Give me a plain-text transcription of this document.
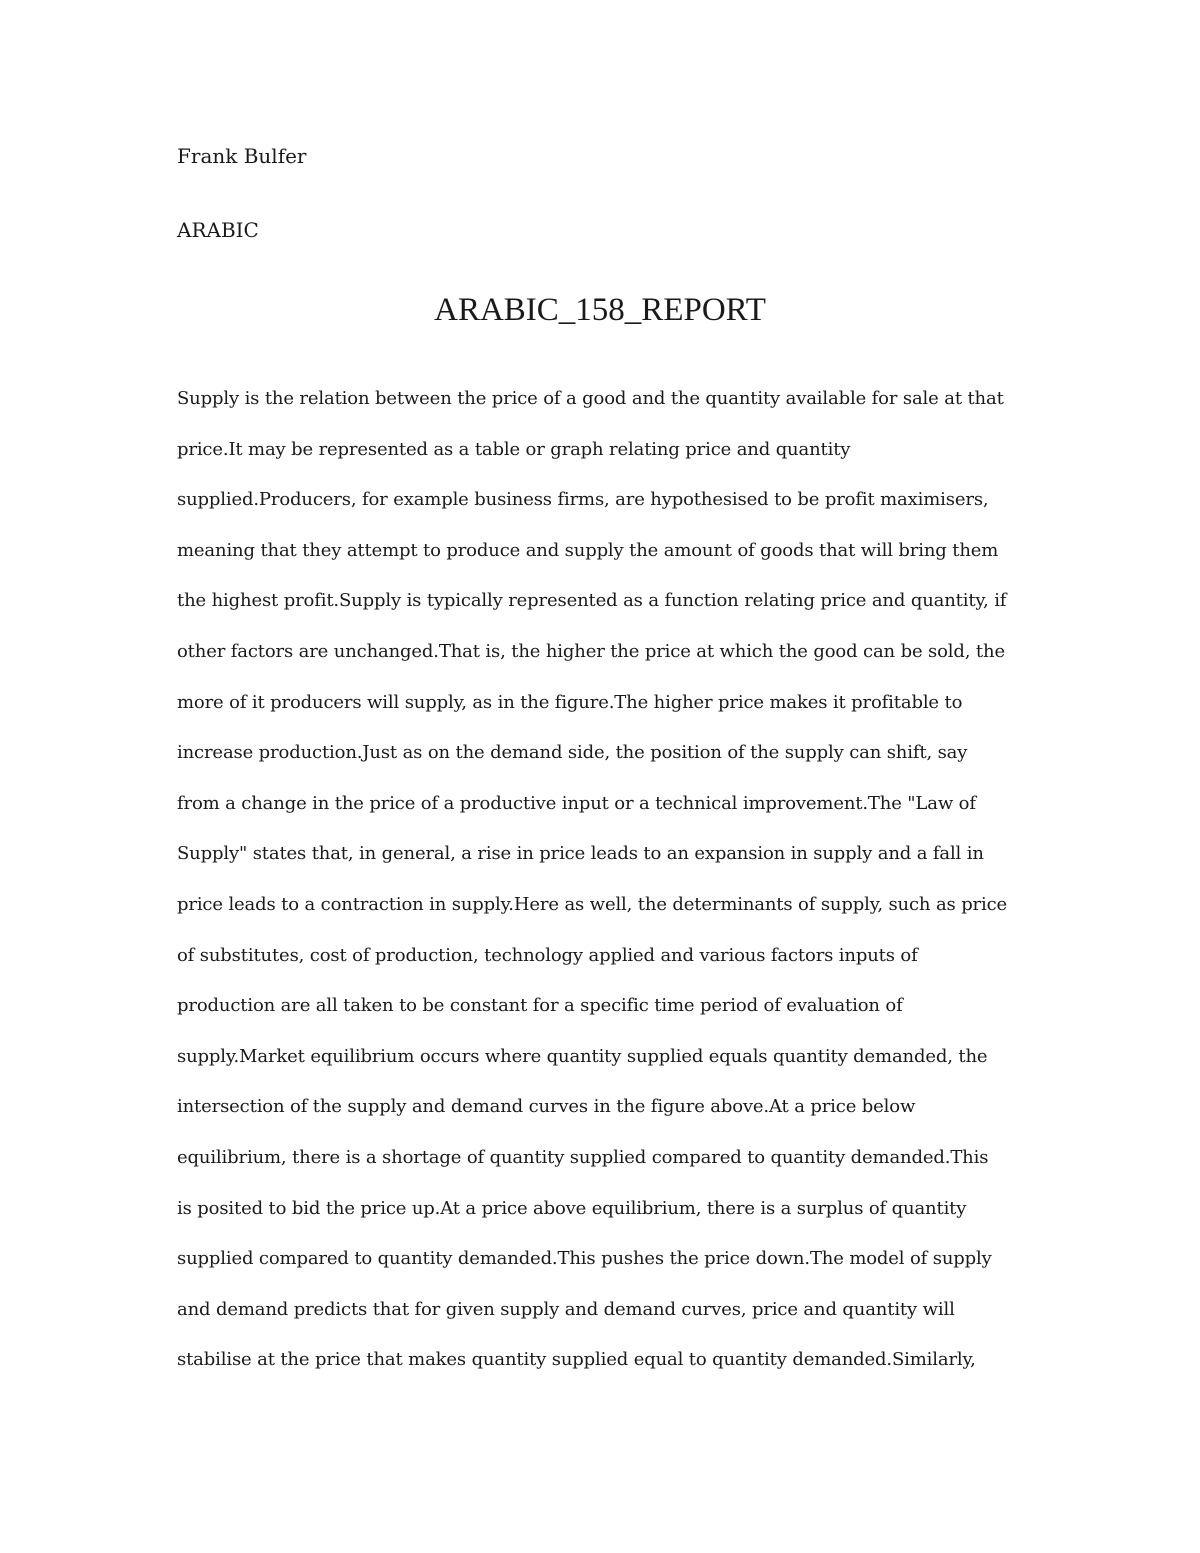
Frank Bulfer
ARABIC
ARABIC_158_REPORT
Supply is the relation between the price of a good and the quantity available for sale at that
price.It may be represented as a table or graph relating price and quantity
supplied.Producers, for example business firms, are hypothesised to be profit maximisers,
meaning that they attempt to produce and supply the amount of goods that will bring them
the highest profit.Supply is typically represented as a function relating price and quantity, if
other factors are unchanged.That is, the higher the price at which the good can be sold, the
more of it producers will supply, as in the figure.The higher price makes it profitable to
increase production.Just as on the demand side, the position of the supply can shift, say
from a change in the price of a productive input or a technical improvement.The "Law of
Supply" states that, in general, a rise in price leads to an expansion in supply and a fall in
price leads to a contraction in supply.Here as well, the determinants of supply, such as price
of substitutes, cost of production, technology applied and various factors inputs of
production are all taken to be constant for a specific time period of evaluation of
supply.Market equilibrium occurs where quantity supplied equals quantity demanded, the
intersection of the supply and demand curves in the figure above.At a price below
equilibrium, there is a shortage of quantity supplied compared to quantity demanded.This
is posited to bid the price up.At a price above equilibrium, there is a surplus of quantity
supplied compared to quantity demanded.This pushes the price down.The model of supply
and demand predicts that for given supply and demand curves, price and quantity will
stabilise at the price that makes quantity supplied equal to quantity demanded.Similarly,
